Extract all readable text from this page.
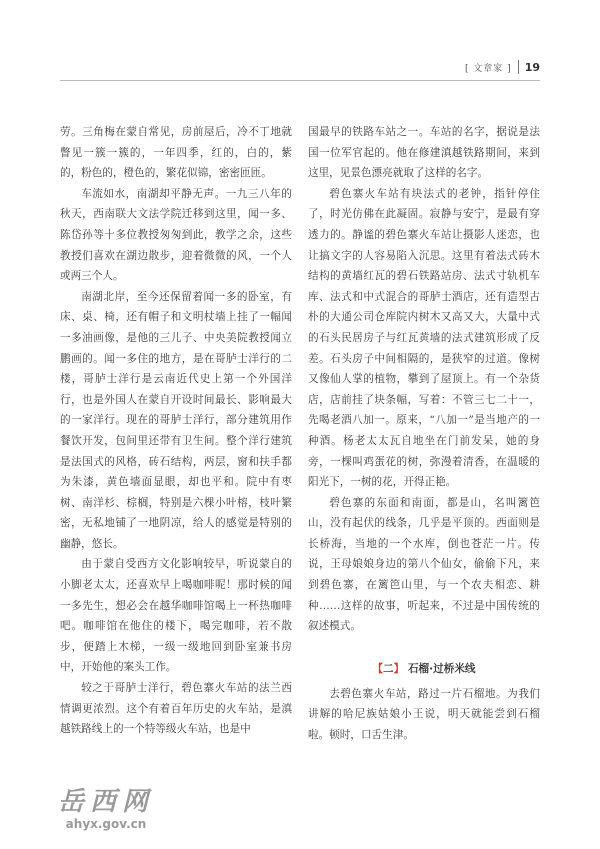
[ 文章家 ] 19

劳。三角梅在蒙自常见，房前屋后，冷不丁地就瞥见一簇一簇的，一年四季，红的，白的，紫的，粉色的，橙色的，繁花似锦，密密匝匝。

车流如水，南湖却平静无声。一九三八年的秋天，西南联大文法学院迁移到这里，闻一多、陈岱孙等十多位教授匆匆到此，教学之余，这些教授们喜欢在湖边散步，迎着微微的风，一个人或两三个人。

南湖北岸，至今还保留着闻一多的卧室，有床、桌、椅，还有帽子和文明杖墙上挂了一幅闻一多油画像，是他的三儿子、中央美院教授闻立鹏画的。闻一多住的地方，是在哥胪士洋行的二楼，哥胪士洋行是云南近代史上第一个外国洋行，也是外国人在蒙自开设时间最长、影响最大的一家洋行。现在的哥胪士洋行，部分建筑用作餐饮开发，包间里还带有卫生间。整个洋行建筑是法国式的风格，砖石结构，两层，窗和扶手都为朱漆，黄色墙面显眼，却也平和。院中有枣树、南洋杉、棕榈，特别是六棵小叶榕，枝叶繁密，无私地铺了一地阴凉，给人的感觉是特别的幽静，悠长。

由于蒙自受西方文化影响较早，听说蒙自的小脚老太太，还喜欢早上喝咖啡呢！那时候的闻一多先生，想必会在越华咖啡馆喝上一杯热咖啡吧。咖啡馆在他住的楼下，喝完咖啡，若不散步，便踏上木梯，一级一级地回到卧室兼书房中，开始他的案头工作。

较之于哥胪士洋行，碧色寨火车站的法兰西情调更浓烈。这个有着百年历史的火车站，是滇越铁路线上的一个特等级火车站，也是中

国最早的铁路车站之一。车站的名字，据说是法国一位军官起的。他在修建滇越铁路期间，来到这里，见景色漂亮就取了这样的名字。

碧色寨火车站有块法式的老钟，指针停住了，时光仿佛在此凝固。寂静与安宁，是最有穿透力的。静谧的碧色寨火车站让摄影人迷恋，也让搞文字的人容易陷入沉思。这里有着法式砖木结构的黄墙红瓦的碧石铁路站房、法式寸轨机车库、法式和中式混合的哥胪士酒店，还有造型古朴的大通公司仓库院内树木又高又大，大量中式的石头民居房子与红瓦黄墙的法式建筑形成了反差。石头房子中间相隔的，是狭窄的过道。像树又像仙人掌的植物，攀到了屋顶上。有一个杂货店，店前挂了块条幅，写着：不管三七二十一，先喝老酒八加一。原来，“八加一”是当地产的一种酒。杨老太太瓦自地坐在门前发呆，她的身旁，一棵叫鸡蛋花的树，弥漫着清香，在温暖的阳光下，一树的花，开得正艳。

碧色寨的东面和南面，都是山，名叫篱笆山，没有起伏的线条，几乎是平顶的。西面则是长桥海，当地的一个水库，倒也苍茫一片。传说，王母娘娘身边的第八个仙女，偷偷下凡，来到碧色寨，在篱笆山里，与一个农夫相恋、耕种……这样的故事，听起来，不过是中国传统的叙述模式。

【二】 石榴·过桥米线

去碧色寨火车站，路过一片石榴地。为我们讲解的哈尼族姑娘小王说，明天就能尝到石榴啦。顿时，口舌生津。

岳西网
ahyx.gov.cn
